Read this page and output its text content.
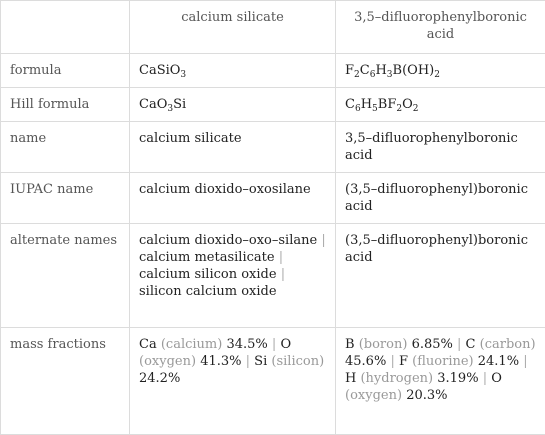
	calcium silicate	3,5–difluorophenylboronic acid
formula	CaSiO$_3$	$F_2C_6H_3B(OH)_2$
Hill formula	CaO$_3$Si	$C_6H_5BF_2O_2$
name	calcium silicate	3,5–difluorophenylboronic acid
IUPAC name	calcium dioxido–oxosilane	(3,5–difluorophenyl)boronic acid
alternate names	calcium dioxido–oxo–silane | calcium metasilicate | calcium silicon oxide | silicon calcium oxide	(3,5–difluorophenyl)boronic acid
mass fractions	Ca (calcium) 34.5% | O (oxygen) 41.3% | Si (silicon) 24.2%	B (boron) 6.85% | C (carbon) 45.6% | F (fluorine) 24.1% | H (hydrogen) 3.19% | O (oxygen) 20.3%
